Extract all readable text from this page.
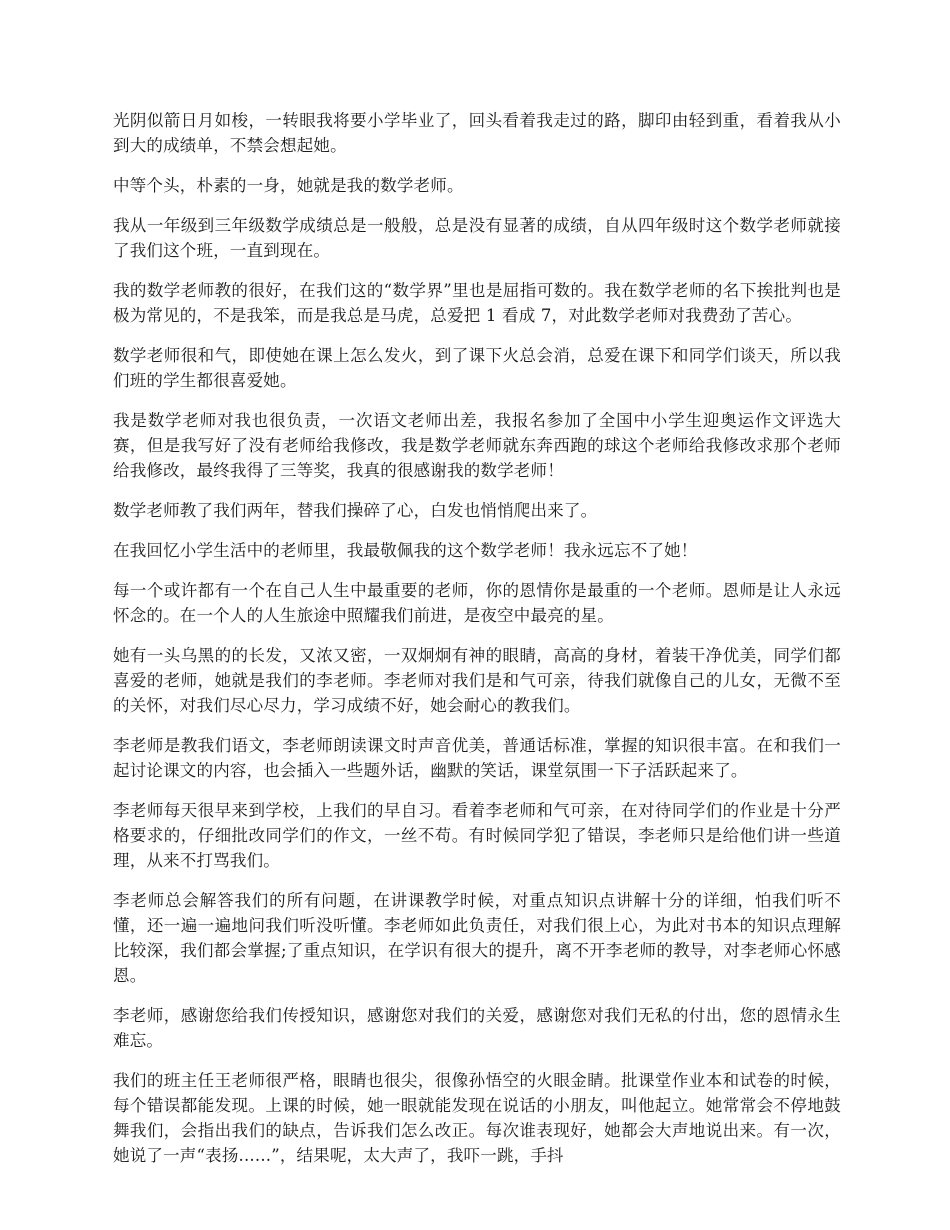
光阴似箭日月如梭，一转眼我将要小学毕业了，回头看着我走过的路，脚印由轻到重，看着我从小到大的成绩单，不禁会想起她。

中等个头，朴素的一身，她就是我的数学老师。

我从一年级到三年级数学成绩总是一般般，总是没有显著的成绩，自从四年级时这个数学老师就接了我们这个班，一直到现在。

我的数学老师教的很好，在我们这的“数学界”里也是屈指可数的。我在数学老师的名下挨批判也是极为常见的，不是我笨，而是我总是马虎，总爱把 1 看成 7，对此数学老师对我费劲了苦心。

数学老师很和气，即使她在课上怎么发火，到了课下火总会消，总爱在课下和同学们谈天，所以我们班的学生都很喜爱她。

我是数学老师对我也很负责，一次语文老师出差，我报名参加了全国中小学生迎奥运作文评选大赛，但是我写好了没有老师给我修改，我是数学老师就东奔西跑的球这个老师给我修改求那个老师给我修改，最终我得了三等奖，我真的很感谢我的数学老师！

数学老师教了我们两年，替我们操碎了心，白发也悄悄爬出来了。

在我回忆小学生活中的老师里，我最敬佩我的这个数学老师！我永远忘不了她！

每一个或许都有一个在自己人生中最重要的老师，你的恩情你是最重的一个老师。恩师是让人永远怀念的。在一个人的人生旅途中照耀我们前进，是夜空中最亮的星。

她有一头乌黑的的长发，又浓又密，一双炯炯有神的眼睛，高高的身材，着装干净优美，同学们都喜爱的老师，她就是我们的李老师。李老师对我们是和气可亲，待我们就像自己的儿女，无微不至的关怀，对我们尽心尽力，学习成绩不好，她会耐心的教我们。

李老师是教我们语文，李老师朗读课文时声音优美，普通话标准，掌握的知识很丰富。在和我们一起讨论课文的内容，也会插入一些题外话，幽默的笑话，课堂氛围一下子活跃起来了。

李老师每天很早来到学校，上我们的早自习。看着李老师和气可亲，在对待同学们的作业是十分严格要求的，仔细批改同学们的作文，一丝不苟。有时候同学犯了错误，李老师只是给他们讲一些道理，从来不打骂我们。

李老师总会解答我们的所有问题，在讲课教学时候，对重点知识点讲解十分的详细，怕我们听不懂，还一遍一遍地问我们听没听懂。李老师如此负责任，对我们很上心，为此对书本的知识点理解比较深，我们都会掌握;了重点知识，在学识有很大的提升，离不开李老师的教导，对李老师心怀感恩。

李老师，感谢您给我们传授知识，感谢您对我们的关爱，感谢您对我们无私的付出，您的恩情永生难忘。

我们的班主任王老师很严格，眼睛也很尖，很像孙悟空的火眼金睛。批课堂作业本和试卷的时候，每个错误都能发现。上课的时候，她一眼就能发现在说话的小朋友，叫他起立。她常常会不停地鼓舞我们，会指出我们的缺点，告诉我们怎么改正。每次谁表现好，她都会大声地说出来。有一次，她说了一声“表扬......”，结果呢，太大声了，我吓一跳，手抖
